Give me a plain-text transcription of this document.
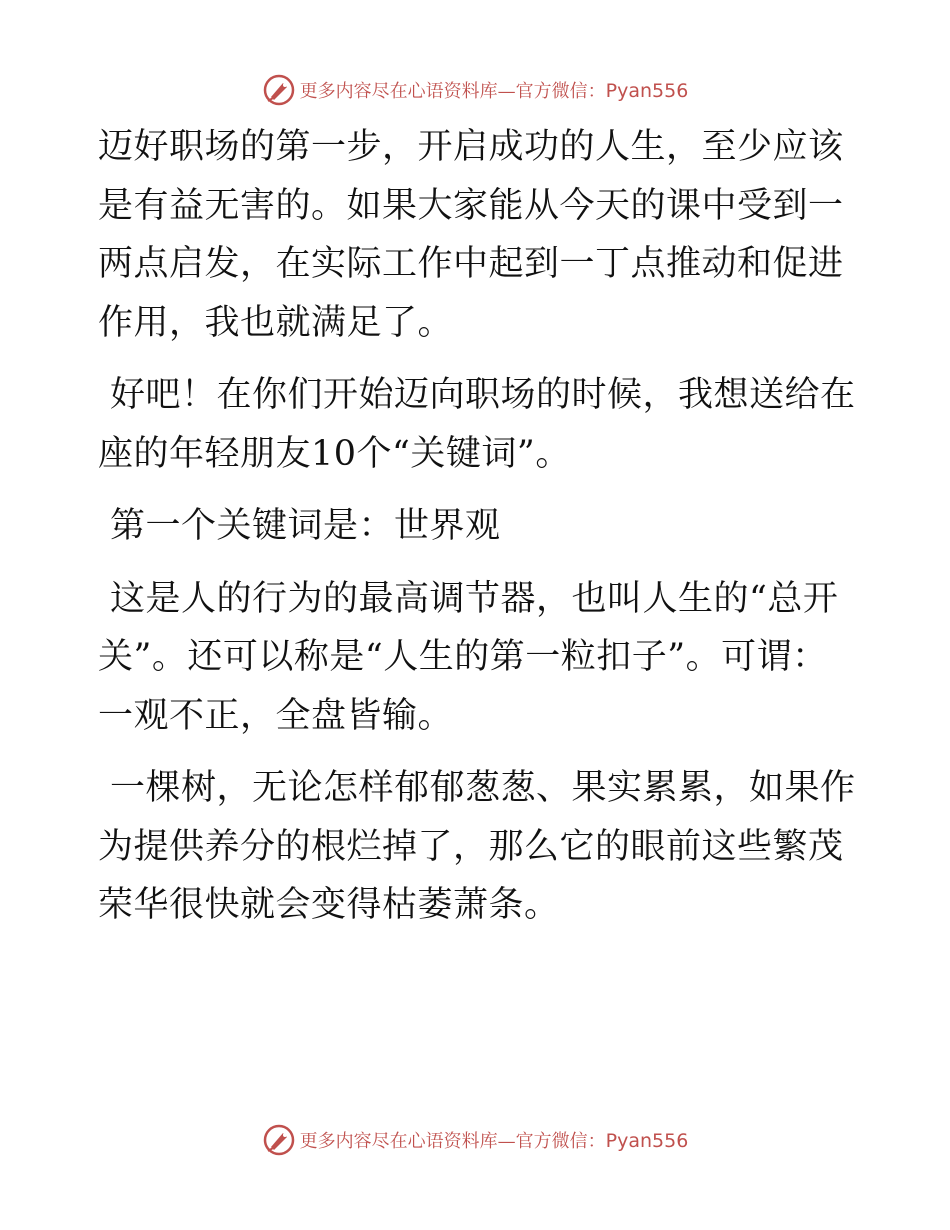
更多内容尽在心语资料库—官方微信：Pyan556

迈好职场的第一步，开启成功的人生，至少应该是有益无害的。如果大家能从今天的课中受到一两点启发，在实际工作中起到一丁点推动和促进作用，我也就满足了。

好吧！在你们开始迈向职场的时候，我想送给在座的年轻朋友10个“关键词”。

第一个关键词是：世界观

这是人的行为的最高调节器，也叫人生的“总开关”。还可以称是“人生的第一粒扣子”。可谓：一观不正，全盘皆输。

一棵树，无论怎样郁郁葱葱、果实累累，如果作为提供养分的根烂掉了，那么它的眼前这些繁茂荣华很快就会变得枯萎萧条。

更多内容尽在心语资料库—官方微信：Pyan556
